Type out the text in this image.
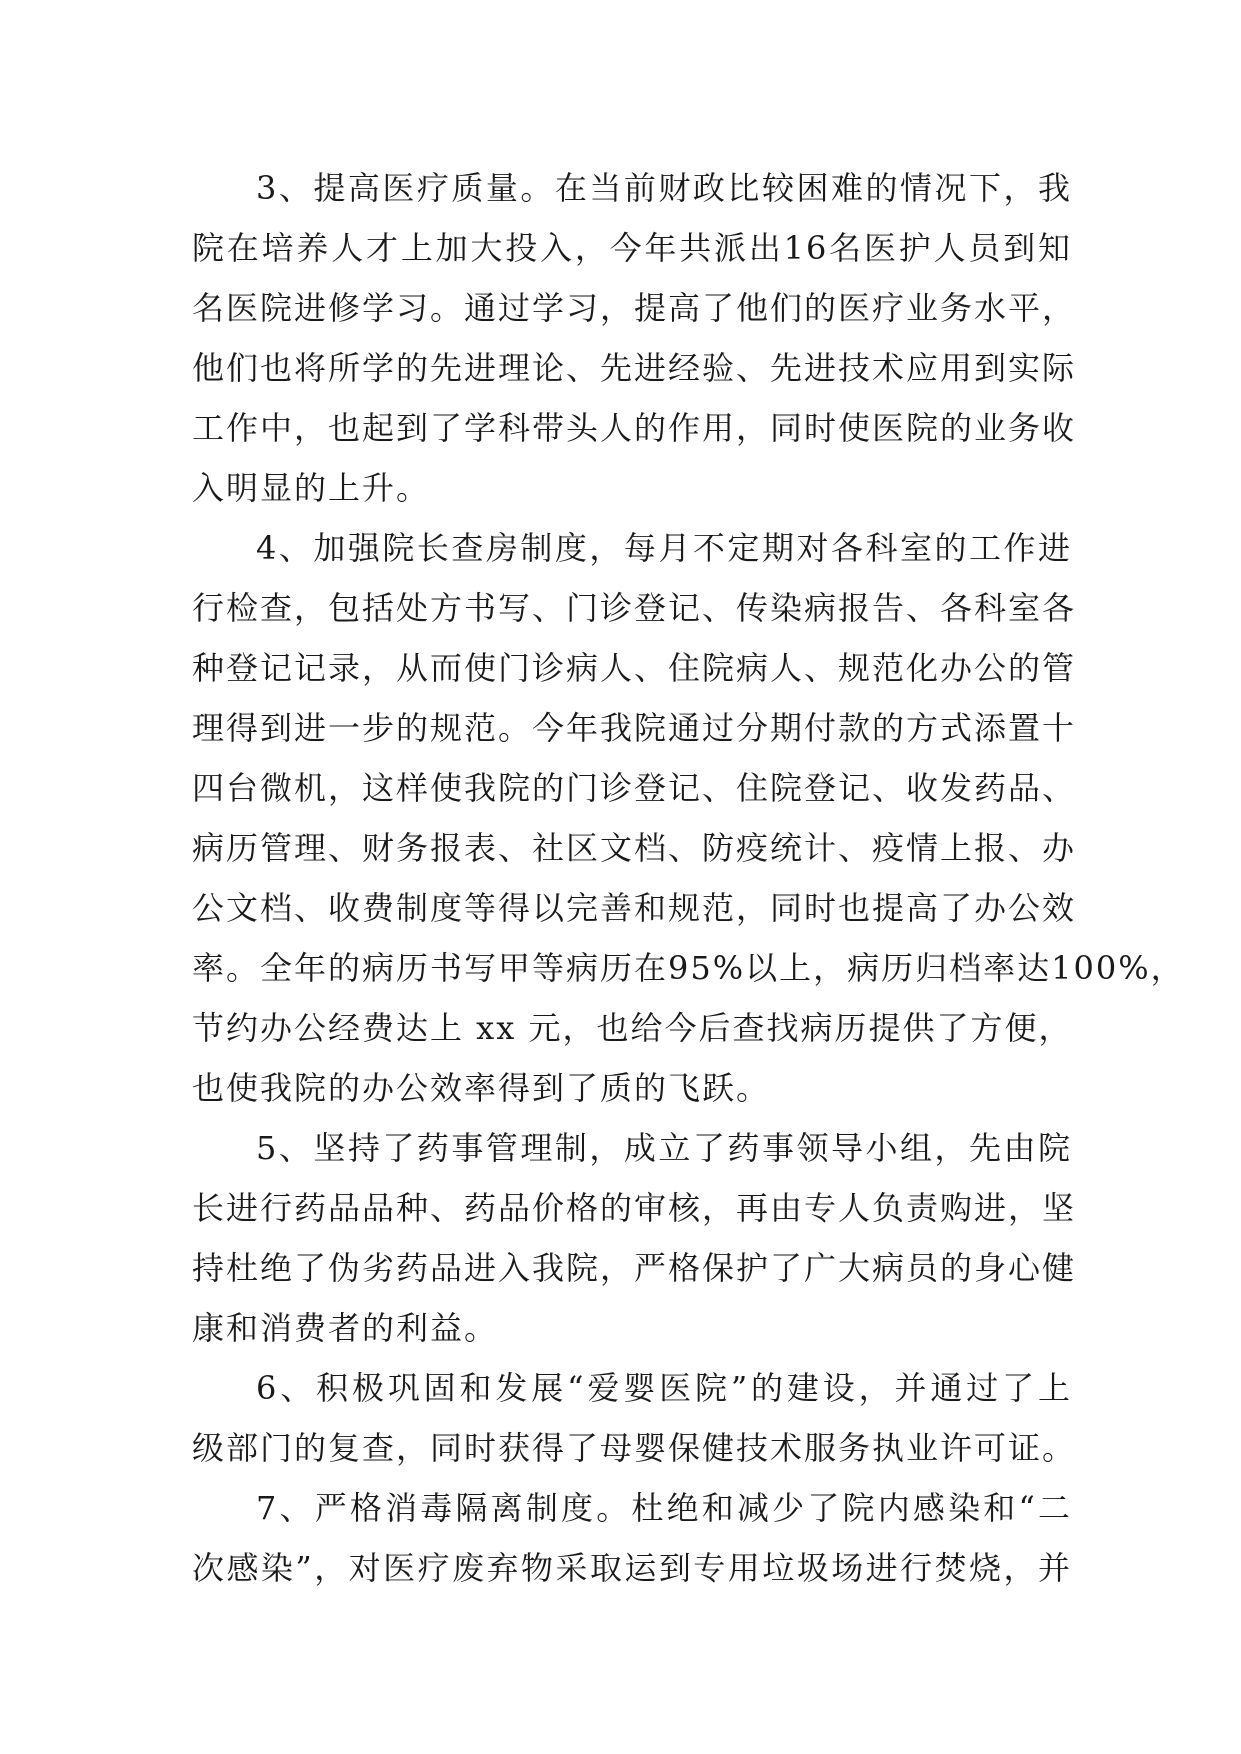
3、提高医疗质量。在当前财政比较困难的情况下，我
院在培养人才上加大投入，今年共派出16名医护人员到知
名医院进修学习。通过学习，提高了他们的医疗业务水平，
他们也将所学的先进理论、先进经验、先进技术应用到实际
工作中，也起到了学科带头人的作用，同时使医院的业务收
入明显的上升。
4、加强院长查房制度，每月不定期对各科室的工作进
行检查，包括处方书写、门诊登记、传染病报告、各科室各
种登记记录，从而使门诊病人、住院病人、规范化办公的管
理得到进一步的规范。今年我院通过分期付款的方式添置十
四台微机，这样使我院的门诊登记、住院登记、收发药品、
病历管理、财务报表、社区文档、防疫统计、疫情上报、办
公文档、收费制度等得以完善和规范，同时也提高了办公效
率。全年的病历书写甲等病历在95%以上，病历归档率达100%，
节约办公经费达上 xx 元，也给今后查找病历提供了方便，
也使我院的办公效率得到了质的飞跃。
5、坚持了药事管理制，成立了药事领导小组，先由院
长进行药品品种、药品价格的审核，再由专人负责购进，坚
持杜绝了伪劣药品进入我院，严格保护了广大病员的身心健
康和消费者的利益。
6、积极巩固和发展“爱婴医院”的建设，并通过了上
级部门的复查，同时获得了母婴保健技术服务执业许可证。
7、严格消毒隔离制度。杜绝和减少了院内感染和“二
次感染”，对医疗废弃物采取运到专用垃圾场进行焚烧，并
